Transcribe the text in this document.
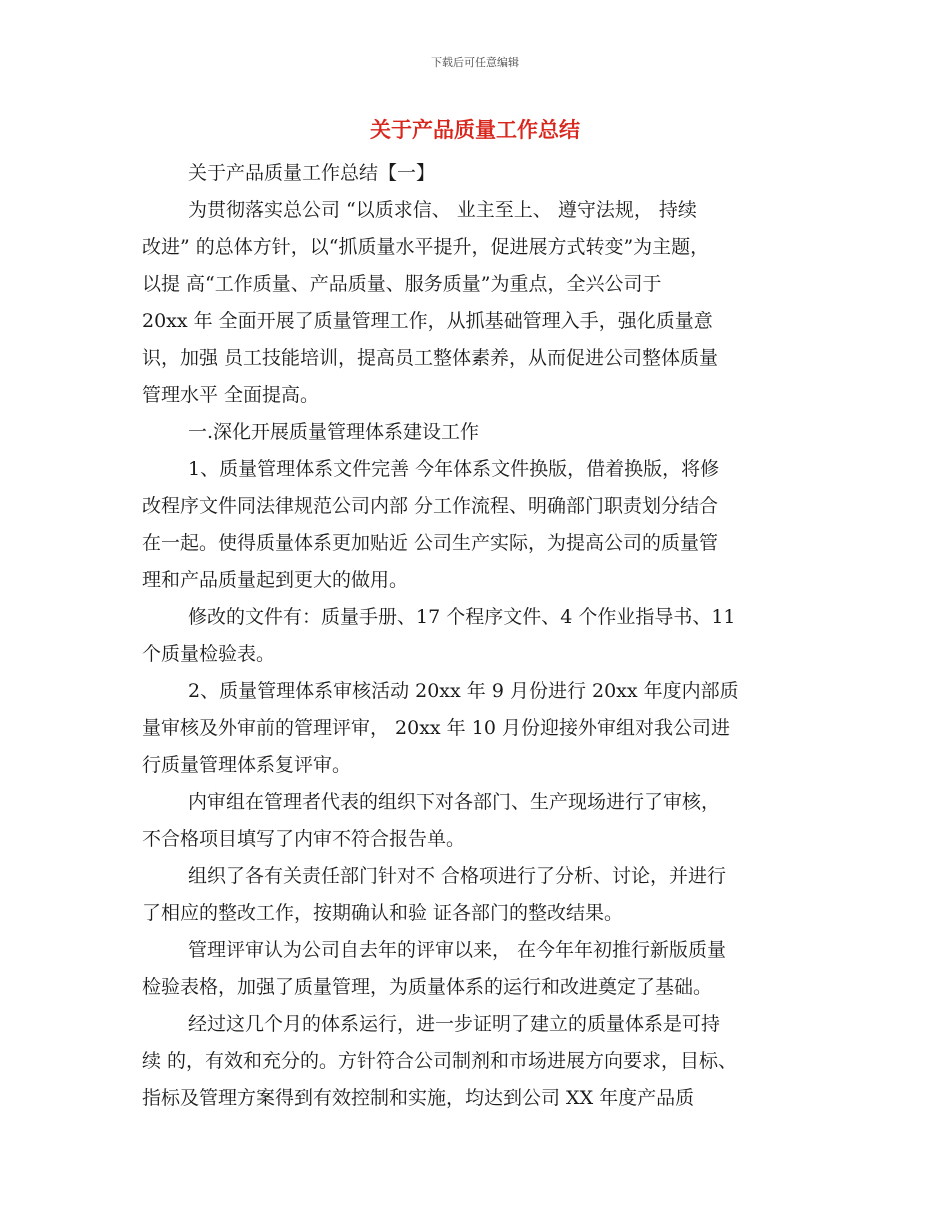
下载后可任意编辑
关于产品质量工作总结
关于产品质量工作总结【一】
为贯彻落实总公司 “以质求信、 业主至上、 遵守法规， 持续
改进” 的总体方针，以“抓质量水平提升，促进展方式转变”为主题，
以提 高“工作质量、产品质量、服务质量”为重点，全兴公司于
20xx 年 全面开展了质量管理工作，从抓基础管理入手，强化质量意
识，加强 员工技能培训，提高员工整体素养，从而促进公司整体质量
管理水平 全面提高。
一.深化开展质量管理体系建设工作
1、质量管理体系文件完善 今年体系文件换版，借着换版，将修
改程序文件同法律规范公司内部 分工作流程、明确部门职责划分结合
在一起。使得质量体系更加贴近 公司生产实际，为提高公司的质量管
理和产品质量起到更大的做用。
修改的文件有：质量手册、17 个程序文件、4 个作业指导书、11
个质量检验表。
2、质量管理体系审核活动 20xx 年 9 月份进行 20xx 年度内部质
量审核及外审前的管理评审， 20xx 年 10 月份迎接外审组对我公司进
行质量管理体系复评审。
内审组在管理者代表的组织下对各部门、生产现场进行了审核，
不合格项目填写了内审不符合报告单。
组织了各有关责任部门针对不 合格项进行了分析、讨论，并进行
了相应的整改工作，按期确认和验 证各部门的整改结果。
管理评审认为公司自去年的评审以来， 在今年年初推行新版质量
检验表格，加强了质量管理，为质量体系的运行和改进奠定了基础。
经过这几个月的体系运行，进一步证明了建立的质量体系是可持
续 的，有效和充分的。方针符合公司制剂和市场进展方向要求，目标、
指标及管理方案得到有效控制和实施，均达到公司 XX 年度产品质
